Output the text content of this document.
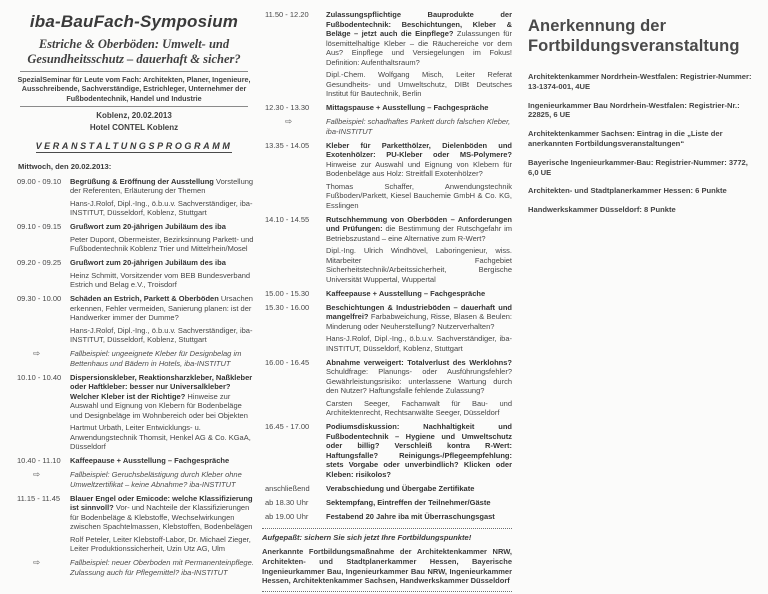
iba-BauFach-Symposium
Estriche & Oberböden: Umwelt- und Gesundheitsschutz – dauerhaft & sicher?

SpezialSeminar für Leute vom Fach: Architekten, Planer, Ingenieure, Ausschreibende, Sachverständige, Estrichleger, Unternehmer der Fußbodentechnik, Handel und Industrie

Koblenz, 20.02.2013

Hotel CONTEL Koblenz

VERANSTALTUNGSPROGRAMM
Mittwoch, den 20.02.2013:
09.00 - 09.10	Begrüßung & Eröffnung der Ausstellung Vorstellung der Referenten, Erläuterung der Themen

Hans-J.Rolof, Dipl.-Ing., ö.b.u.v. Sachverständiger, iba-INSTITUT, Düsseldorf, Koblenz, Stuttgart

09.10 - 09.15	Grußwort zum 20-jährigen Jubiläum des iba

Peter Dupont, Obermeister, Bezirksinnung Parkett- und Fußbodentechnik Koblenz Trier und Mittelrhein/Mosel

09.20 - 09.25	Grußwort zum 20-jährigen Jubiläum des iba

Heinz Schmitt, Vorsitzender vom BEB Bundesverband Estrich und Belag e.V., Troisdorf

09.30 - 10.00	Schäden an Estrich, Parkett & Oberböden Ursachen erkennen, Fehler vermeiden, Sanierung planen: ist der Handwerker immer der Dumme?

Hans-J.Rolof, Dipl.-Ing., ö.b.u.v. Sachverständiger, iba-INSTITUT, Düsseldorf, Koblenz, Stuttgart

⇨	Fallbeispiel: ungeeignete Kleber für Designbelag im Bettenhaus und Bädern in Hotels, iba-INSTITUT

10.10 - 10.40	Dispersionskleber, Reaktionsharzkleber, Naßkleber oder Haftkleber: besser nur Universalkleber? Welcher Kleber ist der Richtige? Hinweise zur Auswahl und Eignung von Klebern für Bodenbeläge und Designbeläge im Wohnbereich oder bei Objekten

Hartmut Urbath, Leiter Entwicklungs- u. Anwendungstechnik Thomsit, Henkel AG & Co. KGaA, Düsseldorf

10.40 - 11.10	Kaffeepause + Ausstellung – Fachgespräche

⇨	Fallbeispiel: Geruchsbelästigung durch Kleber ohne Umweltzertifikat – keine Abnahme? iba-INSTITUT

11.15 - 11.45	Blauer Engel oder Emicode: welche Klassifizierung ist sinnvoll? Vor- und Nachteile der Klassifizierungen für Bodenbeläge & Klebstoffe, Wechselwirkungen zwischen Spachtelmassen, Klebstoffen, Bodenbelägen

Rolf Peteler, Leiter Klebstoff-Labor, Dr. Michael Zieger, Leiter Produktionssicherheit, Uzin Utz AG, Ulm

⇨	Fallbeispiel: neuer Oberboden mit Permanenteinpflege. Zulassung auch für Pflegemittel? iba-INSTITUT

11.50 - 12.20	Zulassungspflichtige Bauprodukte der Fußbodentechnik: Beschichtungen, Kleber & Beläge – jetzt auch die Einpflege? Zulassungen für lösemittelhaltige Kleber – die Räuchereiche vor dem Aus? Einpflege und Versiegelungen im Fokus! Definition: Aufenthaltsraum?

Dipl.-Chem. Wolfgang Misch, Leiter Referat Gesundheits- und Umweltschutz, DIBt Deutsches Institut für Bautechnik, Berlin

12.30 - 13.30	Mittagspause + Ausstellung – Fachgespräche

⇨	Fallbeispiel: schadhaftes Parkett durch falschen Kleber, iba-INSTITUT

13.35 - 14.05	Kleber für Parketthölzer, Dielenböden und Exotenhölzer: PU-Kleber oder MS-Polymere? Hinweise zur Auswahl und Eignung von Klebern für Bodenbeläge aus Holz: Streitfall Exotenhölzer?

Thomas Schaffer, Anwendungstechnik Fußboden/Parkett, Kiesel Bauchemie GmbH & Co. KG, Esslingen

14.10 - 14.55	Rutschhemmung von Oberböden – Anforderungen und Prüfungen: die Bestimmung der Rutschgefahr im Betriebszustand – eine Alternative zum R-Wert?

Dipl.-Ing. Ulrich Windhövel, Laboringenieur, wiss. Mitarbeiter Fachgebiet Sicherheitstechnik/Arbeitssicherheit, Bergische Universität Wuppertal, Wuppertal

15.00 - 15.30	Kaffeepause + Ausstellung – Fachgespräche

15.30 - 16.00	Beschichtungen & Industrieböden – dauerhaft und mangelfrei? Farbabweichung, Risse, Blasen & Beulen: Minderung oder Neuherstellung? Nutzerverhalten?

Hans-J.Rolof, Dipl.-Ing., ö.b.u.v. Sachverständiger, iba-INSTITUT, Düsseldorf, Koblenz, Stuttgart

16.00 - 16.45	Abnahme verweigert: Totalverlust des Werklohns? Schuldfrage: Planungs- oder Ausführungsfehler? Gewährleistungsrisiko: unterlassene Wartung durch den Nutzer? Haftungsfalle fehlende Zulassung?

Carsten Seeger, Fachanwalt für Bau- und Architektenrecht, Rechtsanwälte Seeger, Düsseldorf

16.45 - 17.00	Podiumsdiskussion: Nachhaltigkeit und Fußbodentechnik – Hygiene und Umweltschutz oder billig? Verschleiß kontra R-Wert: Haftungsfalle? Reinigungs-/Pflegeempfehlung: stets Vorgabe oder unverbindlich? Klicken oder Kleben: risikolos?

anschließend	Verabschiedung und Übergabe Zertifikate

ab 18.30 Uhr	Sektempfang, Eintreffen der Teilnehmer/Gäste

ab 19.00 Uhr	Festabend 20 Jahre iba mit Überraschungsgast

Aufgepaßt: sichern Sie sich jetzt Ihre Fortbildungspunkte!

Anerkannte Fortbildungsmaßnahme der Architektenkammer NRW, Architekten- und Stadtplanerkammer Hessen, Bayerische Ingenieurkammer Bau, Ingenieurkammer Bau NRW, Ingenieurkammer Hessen, Architektenkammer Sachsen, Handwerkskammer Düsseldorf

Anerkennung der Fortbildungsveranstaltung

Architektenkammer Nordrhein-Westfalen: Registrier-Nummer: 13-1374-001, 4UE

Ingenieurkammer Bau Nordrhein-Westfalen: Registrier-Nr.: 22825, 6 UE

Architektenkammer Sachsen: Eintrag in die „Liste der anerkannten Fortbildungsveranstaltungen“

Bayerische Ingenieurkammer-Bau: Registrier-Nummer: 3772, 6,0 UE

Architekten- und Stadtplanerkammer Hessen: 6 Punkte

Handwerkskammer Düsseldorf: 8 Punkte
